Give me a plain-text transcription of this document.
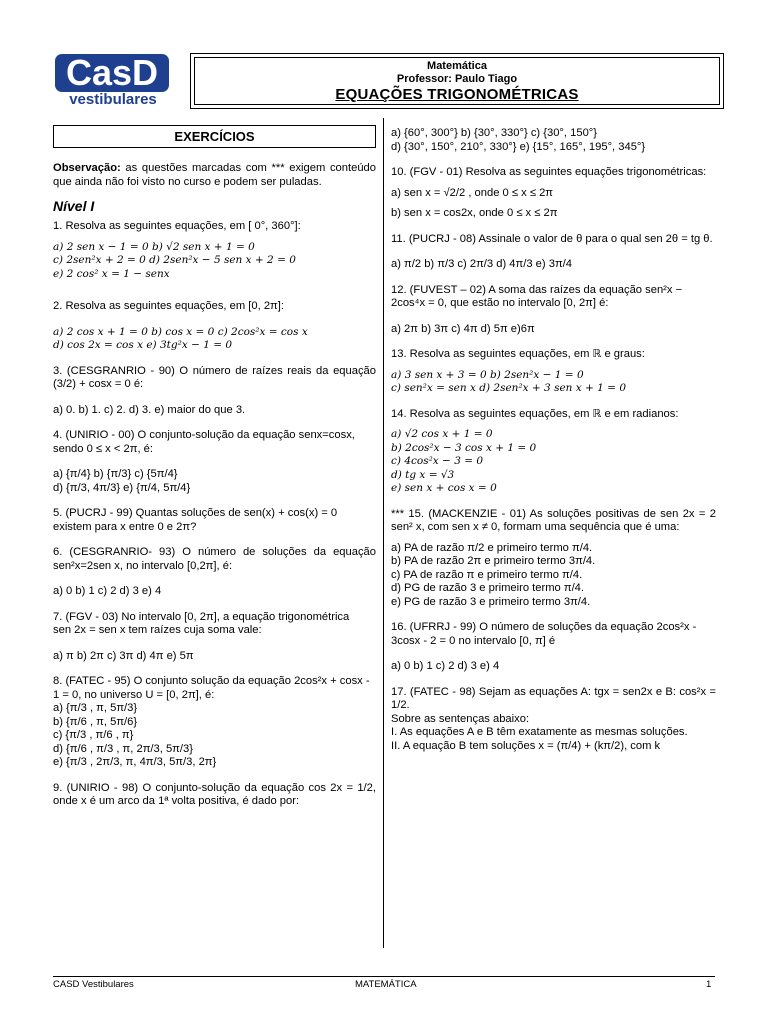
CasD
vestibulares
Matemática
Professor: Paulo Tiago
EQUAÇÕES TRIGONOMÉTRICAS
EXERCÍCIOS

Observação: as questões marcadas com *** exigem conteúdo que ainda não foi visto no curso e podem ser puladas.

Nível I

1. Resolva as seguintes equações, em [ 0°, 360°]:

a) 2 sen x − 1 = 0 b) √2 sen x + 1 = 0

c) 2sen²x + 2 = 0 d) 2sen²x − 5 sen x + 2 = 0

e) 2 cos² x = 1 − senx

2. Resolva as seguintes equações, em [0, 2π]:

a) 2 cos x + 1 = 0 b) cos x = 0 c) 2cos²x = cos x

d) cos 2x = cos x e) 3tg²x − 1 = 0

3. (CESGRANRIO - 90) O número de raízes reais da equação (3/2) + cosx = 0 é:

a) 0. b) 1. c) 2. d) 3. e) maior do que 3.

4. (UNIRIO - 00) O conjunto-solução da equação senx=cosx, sendo 0 ≤ x < 2π, é:

a) {π/4} b) {π/3} c) {5π/4}

d) {π/3, 4π/3} e) {π/4, 5π/4}

5. (PUCRJ - 99) Quantas soluções de sen(x) + cos(x) = 0 existem para x entre 0 e 2π?

6. (CESGRANRIO- 93) O número de soluções da equação sen²x=2sen x, no intervalo [0,2π], é:

a) 0 b) 1 c) 2 d) 3 e) 4

7. (FGV - 03) No intervalo [0, 2π], a equação trigonométrica

sen 2x = sen x tem raízes cuja soma vale:

a) π b) 2π c) 3π d) 4π e) 5π

8. (FATEC - 95) O conjunto solução da equação 2cos²x + cosx - 1 = 0, no universo U = [0, 2π], é:

a) {π/3 , π, 5π/3}

b) {π/6 , π, 5π/6}

c) {π/3 , π/6 , π}

d) {π/6 , π/3 , π, 2π/3, 5π/3}

e) {π/3 , 2π/3, π, 4π/3, 5π/3, 2π}

9. (UNIRIO - 98) O conjunto-solução da equação cos 2x = 1/2, onde x é um arco da 1ª volta positiva, é dado por:

a) {60°, 300°} b) {30°, 330°} c) {30°, 150°}

d) {30°, 150°, 210°, 330°} e) {15°, 165°, 195°, 345°}

10. (FGV - 01) Resolva as seguintes equações trigonométricas:

a) sen x = √2/2 , onde 0 ≤ x ≤ 2π

b) sen x = cos2x, onde 0 ≤ x ≤ 2π

11. (PUCRJ - 08) Assinale o valor de θ para o qual sen 2θ = tg θ.

a) π/2 b) π/3 c) 2π/3 d) 4π/3 e) 3π/4

12. (FUVEST – 02) A soma das raízes da equação sen²x − 2cos⁴x = 0, que estão no intervalo [0, 2π] é:

a) 2π b) 3π c) 4π d) 5π e)6π

13. Resolva as seguintes equações, em ℝ e graus:

a) 3 sen x + 3 = 0 b) 2sen²x − 1 = 0

c) sen²x = sen x d) 2sen²x + 3 sen x + 1 = 0

14. Resolva as seguintes equações, em ℝ e em radianos:

a) √2 cos x + 1 = 0

b) 2cos²x − 3 cos x + 1 = 0

c) 4cos²x − 3 = 0

d) tg x = √3

e) sen x + cos x = 0

*** 15. (MACKENZIE - 01) As soluções positivas de sen 2x = 2 sen² x, com sen x ≠ 0, formam uma sequência que é uma:

a) PA de razão π/2 e primeiro termo π/4.

b) PA de razão 2π e primeiro termo 3π/4.

c) PA de razão π e primeiro termo π/4.

d) PG de razão 3 e primeiro termo π/4.

e) PG de razão 3 e primeiro termo 3π/4.

16. (UFRRJ - 99) O número de soluções da equação 2cos²x - 3cosx - 2 = 0 no intervalo [0, π] é

a) 0 b) 1 c) 2 d) 3 e) 4

17. (FATEC - 98) Sejam as equações A: tgx = sen2x e B: cos²x = 1/2.

Sobre as sentenças abaixo:

I. As equações A e B têm exatamente as mesmas soluções.

II. A equação B tem soluções x = (π/4) + (kπ/2), com k

CASD Vestibulares	MATEMÁTICA	1
